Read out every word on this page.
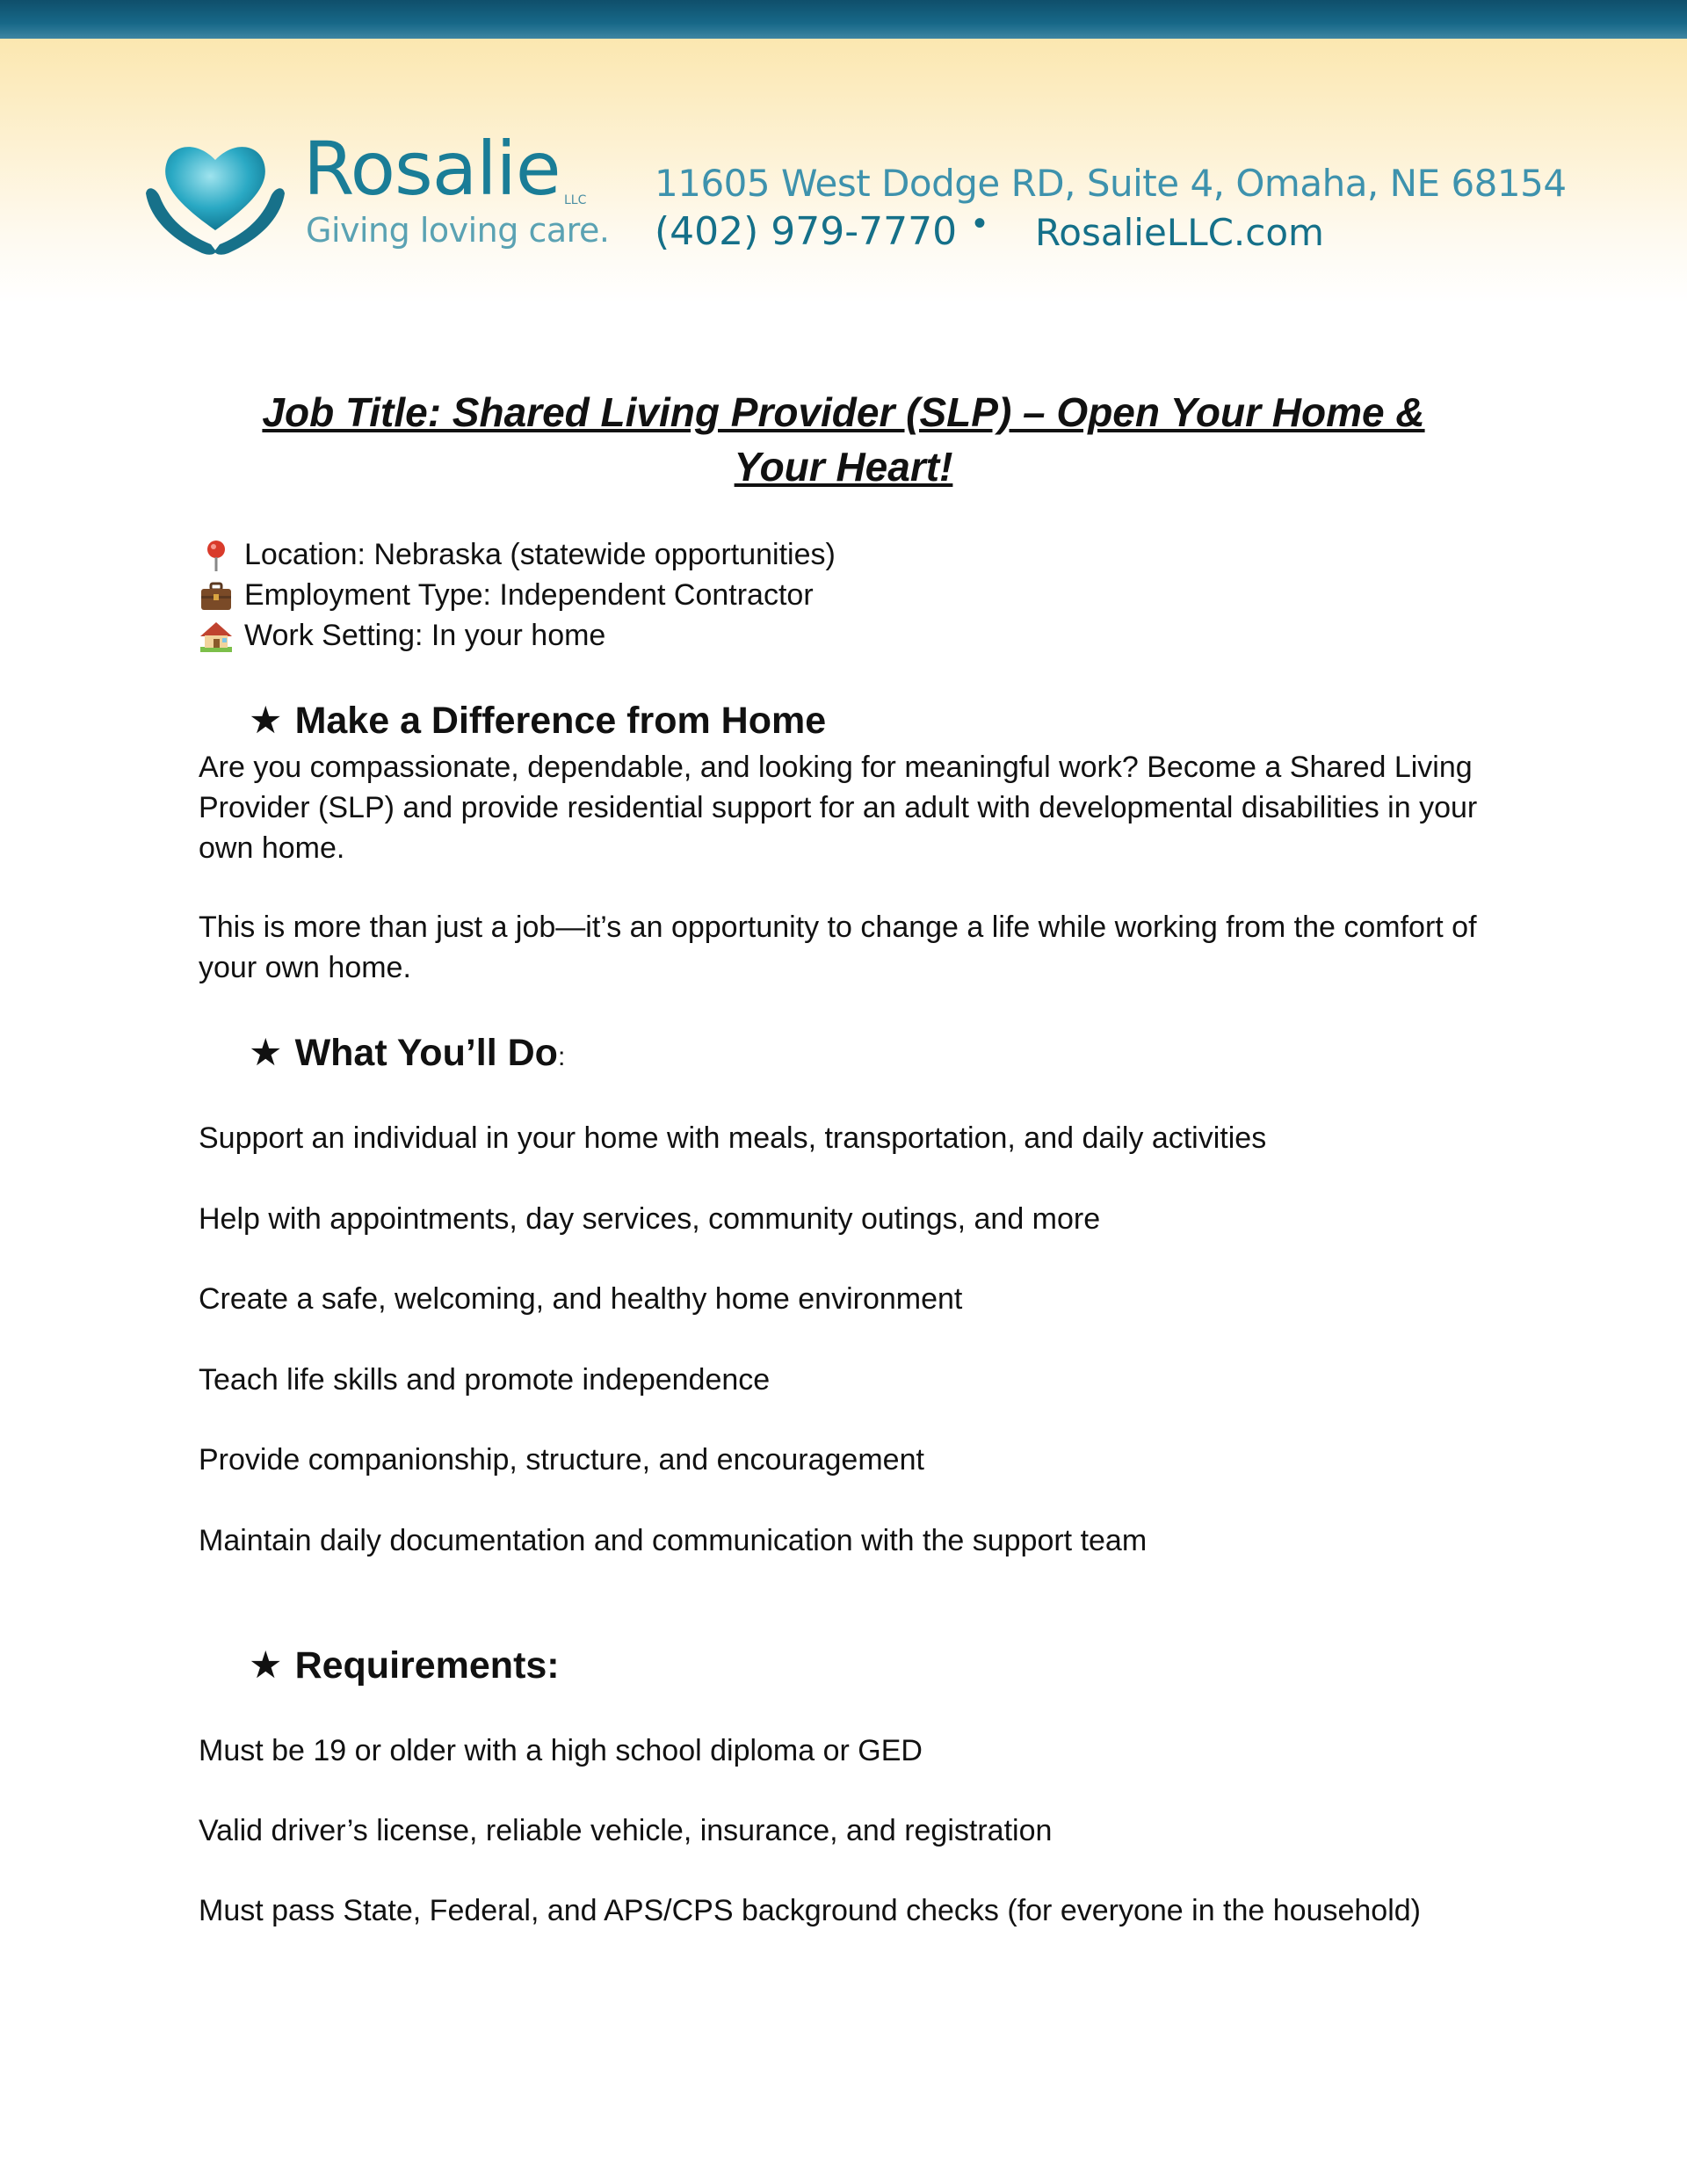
Rosalie LLC
Giving loving care.
11605 West Dodge RD, Suite 4, Omaha, NE 68154
(402) 979-7770 • RosalieLLC.com
Job Title: Shared Living Provider (SLP) – Open Your Home &
Your Heart!
Location: Nebraska (statewide opportunities)
Employment Type: Independent Contractor
Work Setting: In your home
★ Make a Difference from Home
Are you compassionate, dependable, and looking for meaningful work? Become a Shared Living Provider (SLP) and provide residential support for an adult with developmental disabilities in your own home.
This is more than just a job—it’s an opportunity to change a life while working from the comfort of your own home.
★ What You’ll Do:
Support an individual in your home with meals, transportation, and daily activities
Help with appointments, day services, community outings, and more
Create a safe, welcoming, and healthy home environment
Teach life skills and promote independence
Provide companionship, structure, and encouragement
Maintain daily documentation and communication with the support team
★ Requirements:
Must be 19 or older with a high school diploma or GED
Valid driver’s license, reliable vehicle, insurance, and registration
Must pass State, Federal, and APS/CPS background checks (for everyone in the household)
